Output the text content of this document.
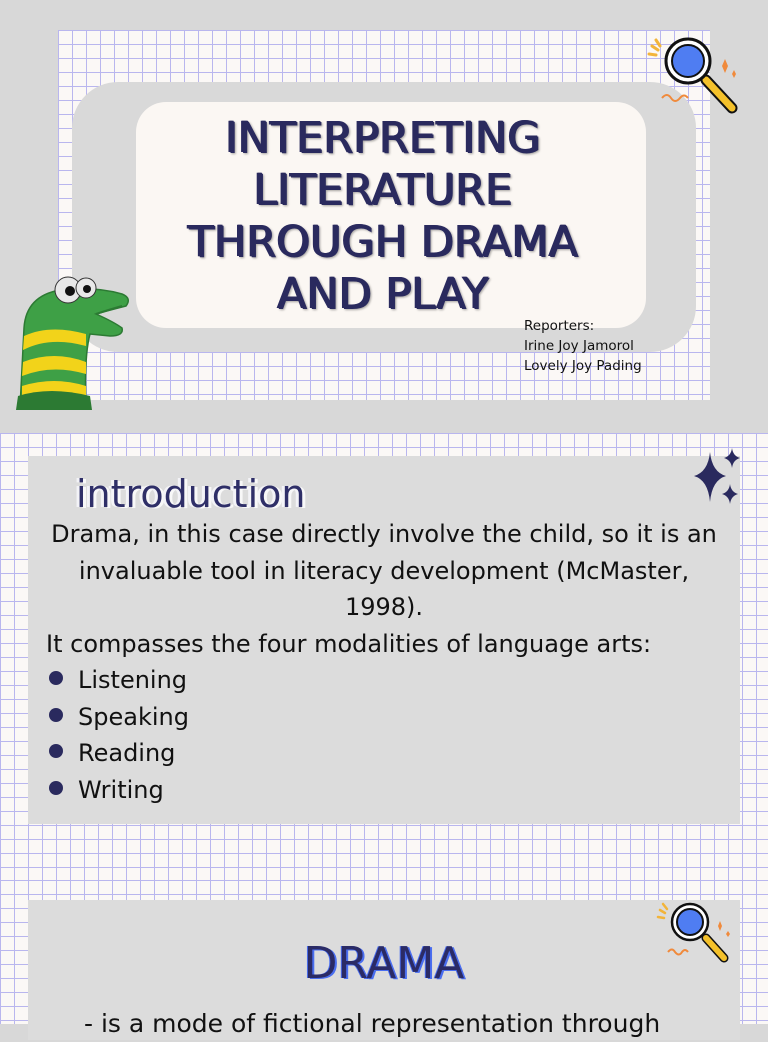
INTERPRETING
LITERATURE
THROUGH DRAMA
AND PLAY
Reporters:
Irine Joy Jamorol
Lovely Joy Pading
introduction

Drama, in this case directly involve the child, so it is an invaluable tool in literacy development (McMaster, 1998).

It compasses the four modalities of language arts:

Listening
Speaking
Reading
Writing
DRAMA

- is a mode of fictional representation through
